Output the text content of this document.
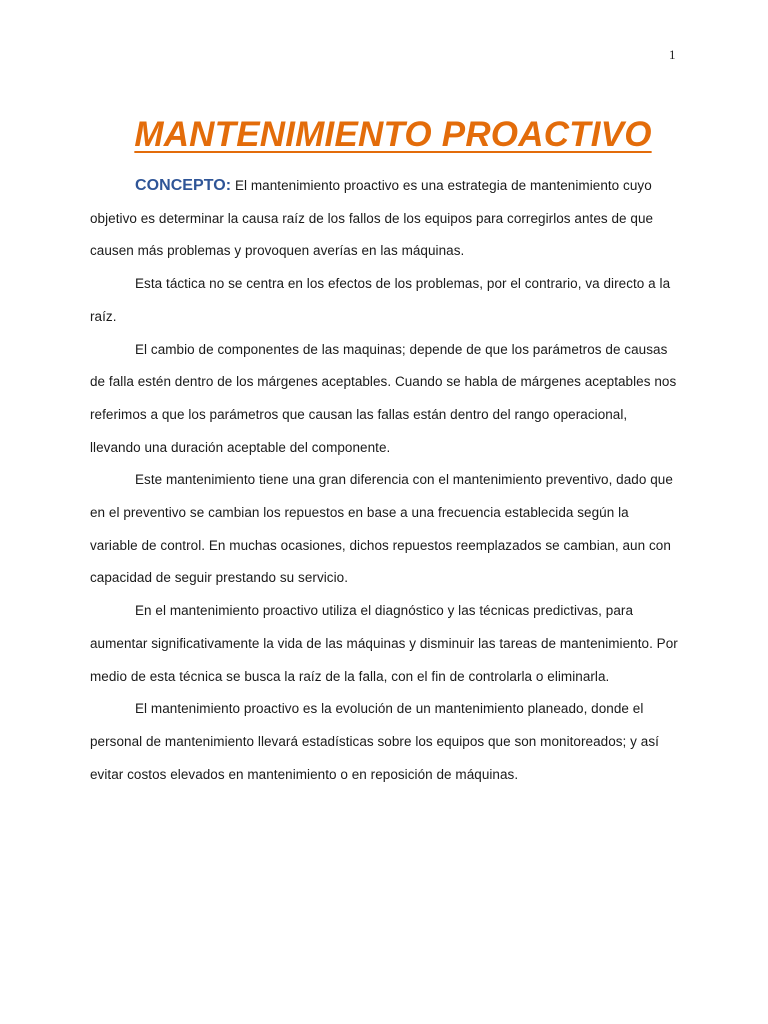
1
MANTENIMIENTO PROACTIVO

CONCEPTO: El mantenimiento proactivo es una estrategia de mantenimiento cuyo objetivo es determinar la causa raíz de los fallos de los equipos para corregirlos antes de que causen más problemas y provoquen averías en las máquinas.

Esta táctica no se centra en los efectos de los problemas, por el contrario, va directo a la raíz.

El cambio de componentes de las maquinas; depende de que los parámetros de causas de falla estén dentro de los márgenes aceptables. Cuando se habla de márgenes aceptables nos referimos a que los parámetros que causan las fallas están dentro del rango operacional, llevando una duración aceptable del componente.

Este mantenimiento tiene una gran diferencia con el mantenimiento preventivo, dado que en el preventivo se cambian los repuestos en base a una frecuencia establecida según la variable de control. En muchas ocasiones, dichos repuestos reemplazados se cambian, aun con capacidad de seguir prestando su servicio.

En el mantenimiento proactivo utiliza el diagnóstico y las técnicas predictivas, para aumentar significativamente la vida de las máquinas y disminuir las tareas de mantenimiento. Por medio de esta técnica se busca la raíz de la falla, con el fin de controlarla o eliminarla.

El mantenimiento proactivo es la evolución de un mantenimiento planeado, donde el personal de mantenimiento llevará estadísticas sobre los equipos que son monitoreados; y así evitar costos elevados en mantenimiento o en reposición de máquinas.
